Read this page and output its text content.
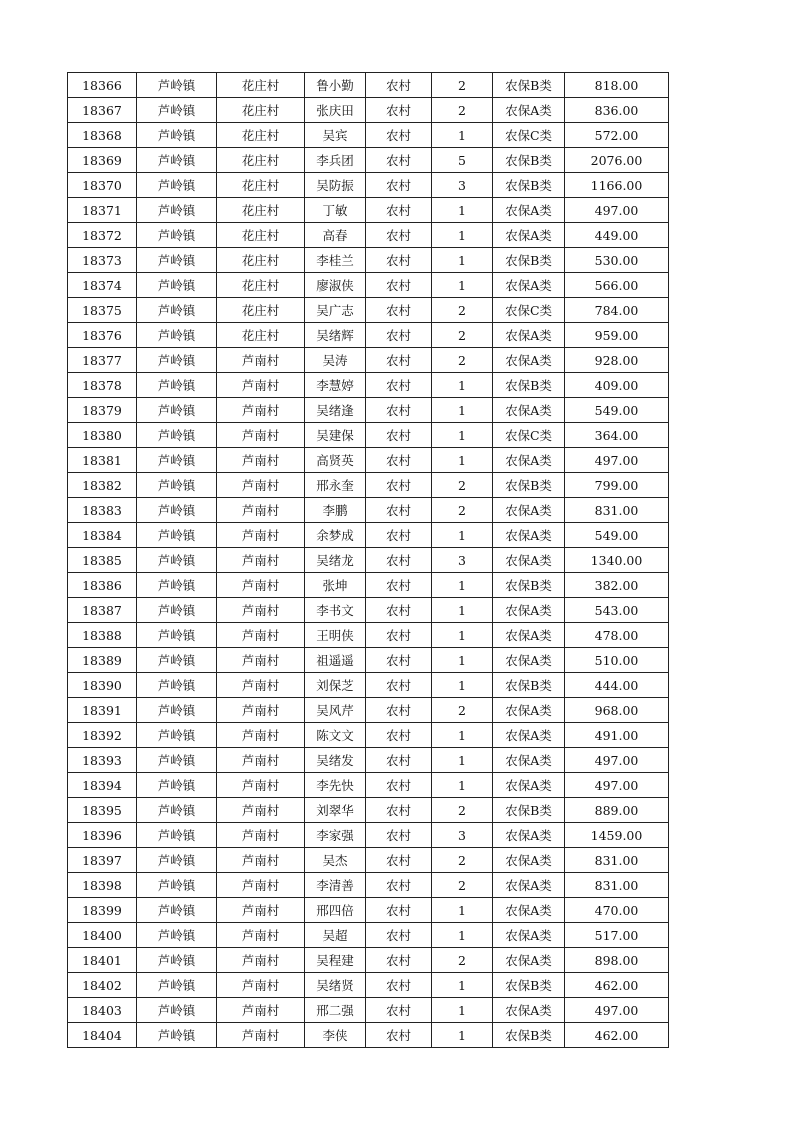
18366	芦岭镇	花庄村	鲁小勤	农村	2	农保B类	818.00
18367	芦岭镇	花庄村	张庆田	农村	2	农保A类	836.00
18368	芦岭镇	花庄村	吴宾	农村	1	农保C类	572.00
18369	芦岭镇	花庄村	李兵团	农村	5	农保B类	2076.00
18370	芦岭镇	花庄村	吴防振	农村	3	农保B类	1166.00
18371	芦岭镇	花庄村	丁敏	农村	1	农保A类	497.00
18372	芦岭镇	花庄村	高春	农村	1	农保A类	449.00
18373	芦岭镇	花庄村	李桂兰	农村	1	农保B类	530.00
18374	芦岭镇	花庄村	廖淑侠	农村	1	农保A类	566.00
18375	芦岭镇	花庄村	吴广志	农村	2	农保C类	784.00
18376	芦岭镇	花庄村	吴绪辉	农村	2	农保A类	959.00
18377	芦岭镇	芦南村	吴涛	农村	2	农保A类	928.00
18378	芦岭镇	芦南村	李慧婷	农村	1	农保B类	409.00
18379	芦岭镇	芦南村	吴绪逢	农村	1	农保A类	549.00
18380	芦岭镇	芦南村	吴建保	农村	1	农保C类	364.00
18381	芦岭镇	芦南村	高贤英	农村	1	农保A类	497.00
18382	芦岭镇	芦南村	邢永奎	农村	2	农保B类	799.00
18383	芦岭镇	芦南村	李鹏	农村	2	农保A类	831.00
18384	芦岭镇	芦南村	余梦成	农村	1	农保A类	549.00
18385	芦岭镇	芦南村	吴绪龙	农村	3	农保A类	1340.00
18386	芦岭镇	芦南村	张坤	农村	1	农保B类	382.00
18387	芦岭镇	芦南村	李书文	农村	1	农保A类	543.00
18388	芦岭镇	芦南村	王明侠	农村	1	农保A类	478.00
18389	芦岭镇	芦南村	祖遥遥	农村	1	农保A类	510.00
18390	芦岭镇	芦南村	刘保芝	农村	1	农保B类	444.00
18391	芦岭镇	芦南村	吴风芹	农村	2	农保A类	968.00
18392	芦岭镇	芦南村	陈文文	农村	1	农保A类	491.00
18393	芦岭镇	芦南村	吴绪发	农村	1	农保A类	497.00
18394	芦岭镇	芦南村	李先快	农村	1	农保A类	497.00
18395	芦岭镇	芦南村	刘翠华	农村	2	农保B类	889.00
18396	芦岭镇	芦南村	李家强	农村	3	农保A类	1459.00
18397	芦岭镇	芦南村	吴杰	农村	2	农保A类	831.00
18398	芦岭镇	芦南村	李清善	农村	2	农保A类	831.00
18399	芦岭镇	芦南村	邢四倍	农村	1	农保A类	470.00
18400	芦岭镇	芦南村	吴超	农村	1	农保A类	517.00
18401	芦岭镇	芦南村	吴程建	农村	2	农保A类	898.00
18402	芦岭镇	芦南村	吴绪贤	农村	1	农保B类	462.00
18403	芦岭镇	芦南村	邢二强	农村	1	农保A类	497.00
18404	芦岭镇	芦南村	李侠	农村	1	农保B类	462.00
